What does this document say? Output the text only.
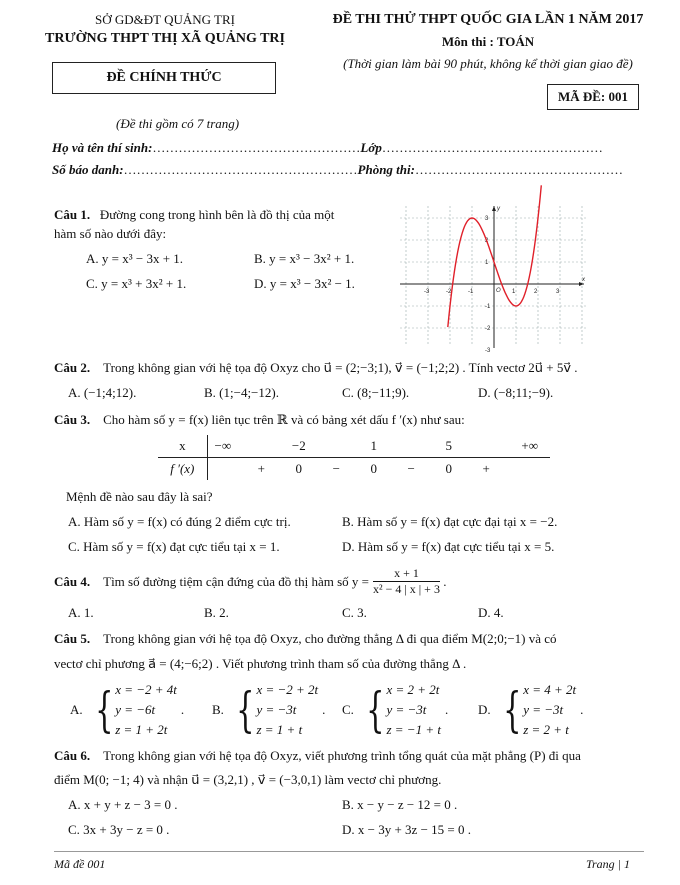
SỞ GD&ĐT QUẢNG TRỊ
TRƯỜNG THPT THỊ XÃ QUẢNG TRỊ
ĐỀ CHÍNH THỨC
(Đề thi gồm có 7 trang)
ĐỀ THI THỬ THPT QUỐC GIA LẦN 1 NĂM 2017
Môn thi : TOÁN
(Thời gian làm bài 90 phút, không kể thời gian giao đề)
MÃ ĐỀ: 001
Họ và tên thí sinh:…………………………………………Lớp……………………………………………
Số báo danh:………………………………………………Phòng thi:…………………………………………
Câu 1. Đường cong trong hình bên là đồ thị của một
hàm số nào dưới đây:
A. y = x³ − 3x + 1.	B. y = x³ − 3x² + 1.
C. y = x³ + 3x² + 1.	D. y = x³ − 3x² − 1.
-3	-2	-1	1	2	3
3
2
1
-1
-2
-3
x
y
O
Câu 2. Trong không gian với hệ tọa độ Oxyz cho u⃗ = (2;−3;1), v⃗ = (−1;2;2) . Tính vectơ 2u⃗ + 5v⃗ .
A. (−1;4;12).	B. (1;−4;−12).	C. (8;−11;9).	D. (−8;11;−9).
Câu 3. Cho hàm số y = f(x) liên tục trên ℝ và có bảng xét dấu f ′(x) như sau:
x	−∞		−2		1		5		+∞
f ′(x)		+	0	−	0	−	0	+	
Mệnh đề nào sau đây là sai?
A. Hàm số y = f(x) có đúng 2 điểm cực trị.	B. Hàm số y = f(x) đạt cực đại tại x = −2.
C. Hàm số y = f(x) đạt cực tiểu tại x = 1.	D. Hàm số y = f(x) đạt cực tiểu tại x = 5.
Câu 4.
Tìm số đường tiệm cận đứng của đồ thị hàm số $y = \frac{x + 1}{\text{x² − 4 | x | + 3}}$ .
A. 1.	B. 2.	C. 3.	D. 4.
Câu 5. Trong không gian với hệ tọa độ Oxyz, cho đường thẳng Δ đi qua điểm M(2;0;−1) và có
vectơ chỉ phương a⃗ = (4;−6;2) . Viết phương trình tham số của đường thẳng Δ .
A. { x = −2 + 4t
y = −6t
z = 1 + 2t
. B. { x = −2 + 2t
y = −3t
z = 1 + t
. C. { x = 2 + 2t
y = −3t
z = −1 + t
. D. { x = 4 + 2t
y = −3t
z = 2 + t
.
Câu 6. Trong không gian với hệ tọa độ Oxyz, viết phương trình tổng quát của mặt phẳng (P) đi qua
điểm M(0; −1; 4) và nhận u⃗ = (3,2,1) , v⃗ = (−3,0,1) làm vectơ chỉ phương.
A. x + y + z − 3 = 0 .	B. x − y − z − 12 = 0 .
C. 3x + 3y − z = 0 .	D. x − 3y + 3z − 15 = 0 .
Mã đề 001	Trang | 1
